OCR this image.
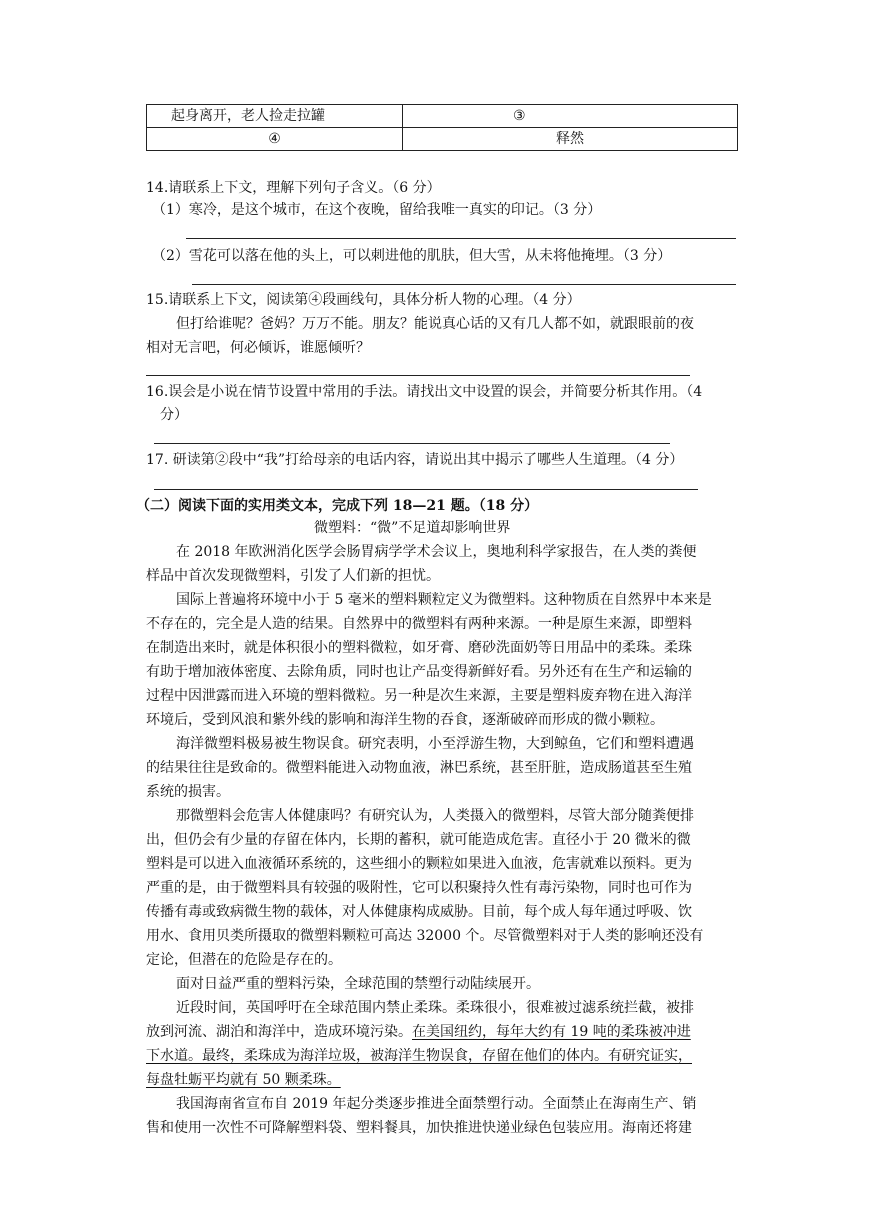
起身离开，老人捡走拉罐	③
④	释然
14.请联系上下文，理解下列句子含义。（6 分）
（1）寒冷，是这个城市，在这个夜晚，留给我唯一真实的印记。（3 分）
（2）雪花可以落在他的头上，可以刺进他的肌肤，但大雪，从未将他掩埋。（3 分）
15.请联系上下文，阅读第④段画线句，具体分析人物的心理。（4 分）
但打给谁呢？爸妈？万万不能。朋友？能说真心话的又有几人都不如，就跟眼前的夜
相对无言吧，何必倾诉，谁愿倾听？
16.误会是小说在情节设置中常用的手法。请找出文中设置的误会，并简要分析其作用。（4
分）
17. 研读第②段中“我”打给母亲的电话内容，请说出其中揭示了哪些人生道理。（4 分）
（二）阅读下面的实用类文本，完成下列 18—21 题。（18 分）
微塑料：“微”不足道却影响世界
在 2018 年欧洲消化医学会肠胃病学学术会议上，奥地利科学家报告，在人类的粪便
样品中首次发现微塑料，引发了人们新的担忧。
国际上普遍将环境中小于 5 毫米的塑料颗粒定义为微塑料。这种物质在自然界中本来是
不存在的，完全是人造的结果。自然界中的微塑料有两种来源。一种是原生来源，即塑料
在制造出来时，就是体积很小的塑料微粒，如牙膏、磨砂洗面奶等日用品中的柔珠。柔珠
有助于增加液体密度、去除角质，同时也让产品变得新鲜好看。另外还有在生产和运输的
过程中因泄露而进入环境的塑料微粒。另一种是次生来源，主要是塑料废弃物在进入海洋
环境后，受到风浪和紫外线的影响和海洋生物的吞食，逐渐破碎而形成的微小颗粒。
海洋微塑料极易被生物误食。研究表明，小至浮游生物，大到鲸鱼，它们和塑料遭遇
的结果往往是致命的。微塑料能进入动物血液，淋巴系统，甚至肝脏，造成肠道甚至生殖
系统的损害。
那微塑料会危害人体健康吗？有研究认为，人类摄入的微塑料，尽管大部分随粪便排
出，但仍会有少量的存留在体内，长期的蓄积，就可能造成危害。直径小于 20 微米的微
塑料是可以进入血液循环系统的，这些细小的颗粒如果进入血液，危害就难以预料。更为
严重的是，由于微塑料具有较强的吸附性，它可以积聚持久性有毒污染物，同时也可作为
传播有毒或致病微生物的载体，对人体健康构成威胁。目前，每个成人每年通过呼吸、饮
用水、食用贝类所摄取的微塑料颗粒可高达 32000 个。尽管微塑料对于人类的影响还没有
定论，但潜在的危险是存在的。
面对日益严重的塑料污染，全球范围的禁塑行动陆续展开。
近段时间，英国呼吁在全球范围内禁止柔珠。柔珠很小，很难被过滤系统拦截，被排
放到河流、湖泊和海洋中，造成环境污染。在美国纽约，每年大约有 19 吨的柔珠被冲进
下水道。最终，柔珠成为海洋垃圾，被海洋生物误食，存留在他们的体内。有研究证实，
每盘牡蛎平均就有 50 颗柔珠。
我国海南省宣布自 2019 年起分类逐步推进全面禁塑行动。全面禁止在海南生产、销
售和使用一次性不可降解塑料袋、塑料餐具，加快推进快递业绿色包装应用。海南还将建
